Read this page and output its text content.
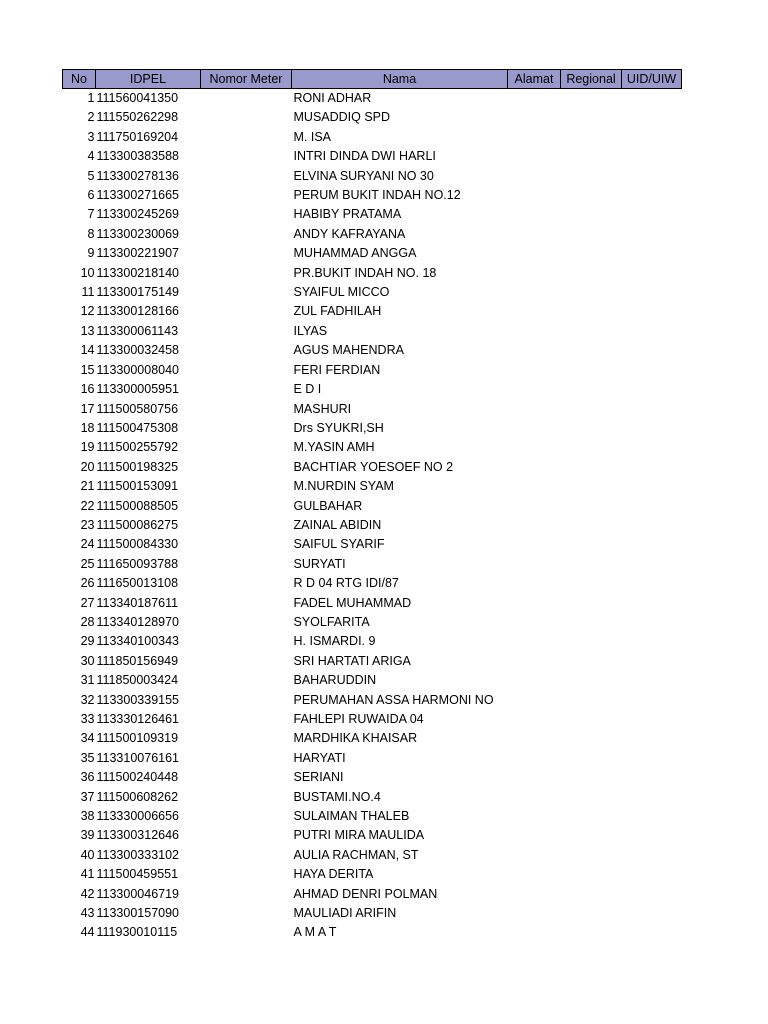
No	IDPEL	Nomor Meter	Nama	Alamat	Regional	UID/UIW
1	111560041350		RONI ADHAR			
2	111550262298		MUSADDIQ SPD			
3	111750169204		M. ISA			
4	113300383588		INTRI DINDA DWI HARLI			
5	113300278136		ELVINA SURYANI NO 30			
6	113300271665		PERUM BUKIT INDAH NO.12			
7	113300245269		HABIBY PRATAMA			
8	113300230069		ANDY KAFRAYANA			
9	113300221907		MUHAMMAD ANGGA			
10	113300218140		PR.BUKIT INDAH NO. 18			
11	113300175149		SYAIFUL MICCO			
12	113300128166		ZUL FADHILAH			
13	113300061143		ILYAS			
14	113300032458		AGUS MAHENDRA			
15	113300008040		FERI FERDIAN			
16	113300005951		E D I			
17	111500580756		MASHURI			
18	111500475308		Drs SYUKRI,SH			
19	111500255792		M.YASIN AMH			
20	111500198325		BACHTIAR YOESOEF NO 2			
21	111500153091		M.NURDIN SYAM			
22	111500088505		GULBAHAR			
23	111500086275		ZAINAL ABIDIN			
24	111500084330		SAIFUL SYARIF			
25	111650093788		SURYATI			
26	111650013108		R D 04 RTG IDI/87			
27	113340187611		FADEL MUHAMMAD			
28	113340128970		SYOLFARITA			
29	113340100343		H. ISMARDI. 9			
30	111850156949		SRI HARTATI ARIGA			
31	111850003424		BAHARUDDIN			
32	113300339155		PERUMAHAN ASSA HARMONI NO			
33	113330126461		FAHLEPI RUWAIDA 04			
34	111500109319		MARDHIKA KHAISAR			
35	113310076161		HARYATI			
36	111500240448		SERIANI			
37	111500608262		BUSTAMI.NO.4			
38	113330006656		SULAIMAN THALEB			
39	113300312646		PUTRI MIRA MAULIDA			
40	113300333102		AULIA RACHMAN, ST			
41	111500459551		HAYA DERITA			
42	113300046719		AHMAD DENRI POLMAN			
43	113300157090		MAULIADI ARIFIN			
44	111930010115		A M A T			
